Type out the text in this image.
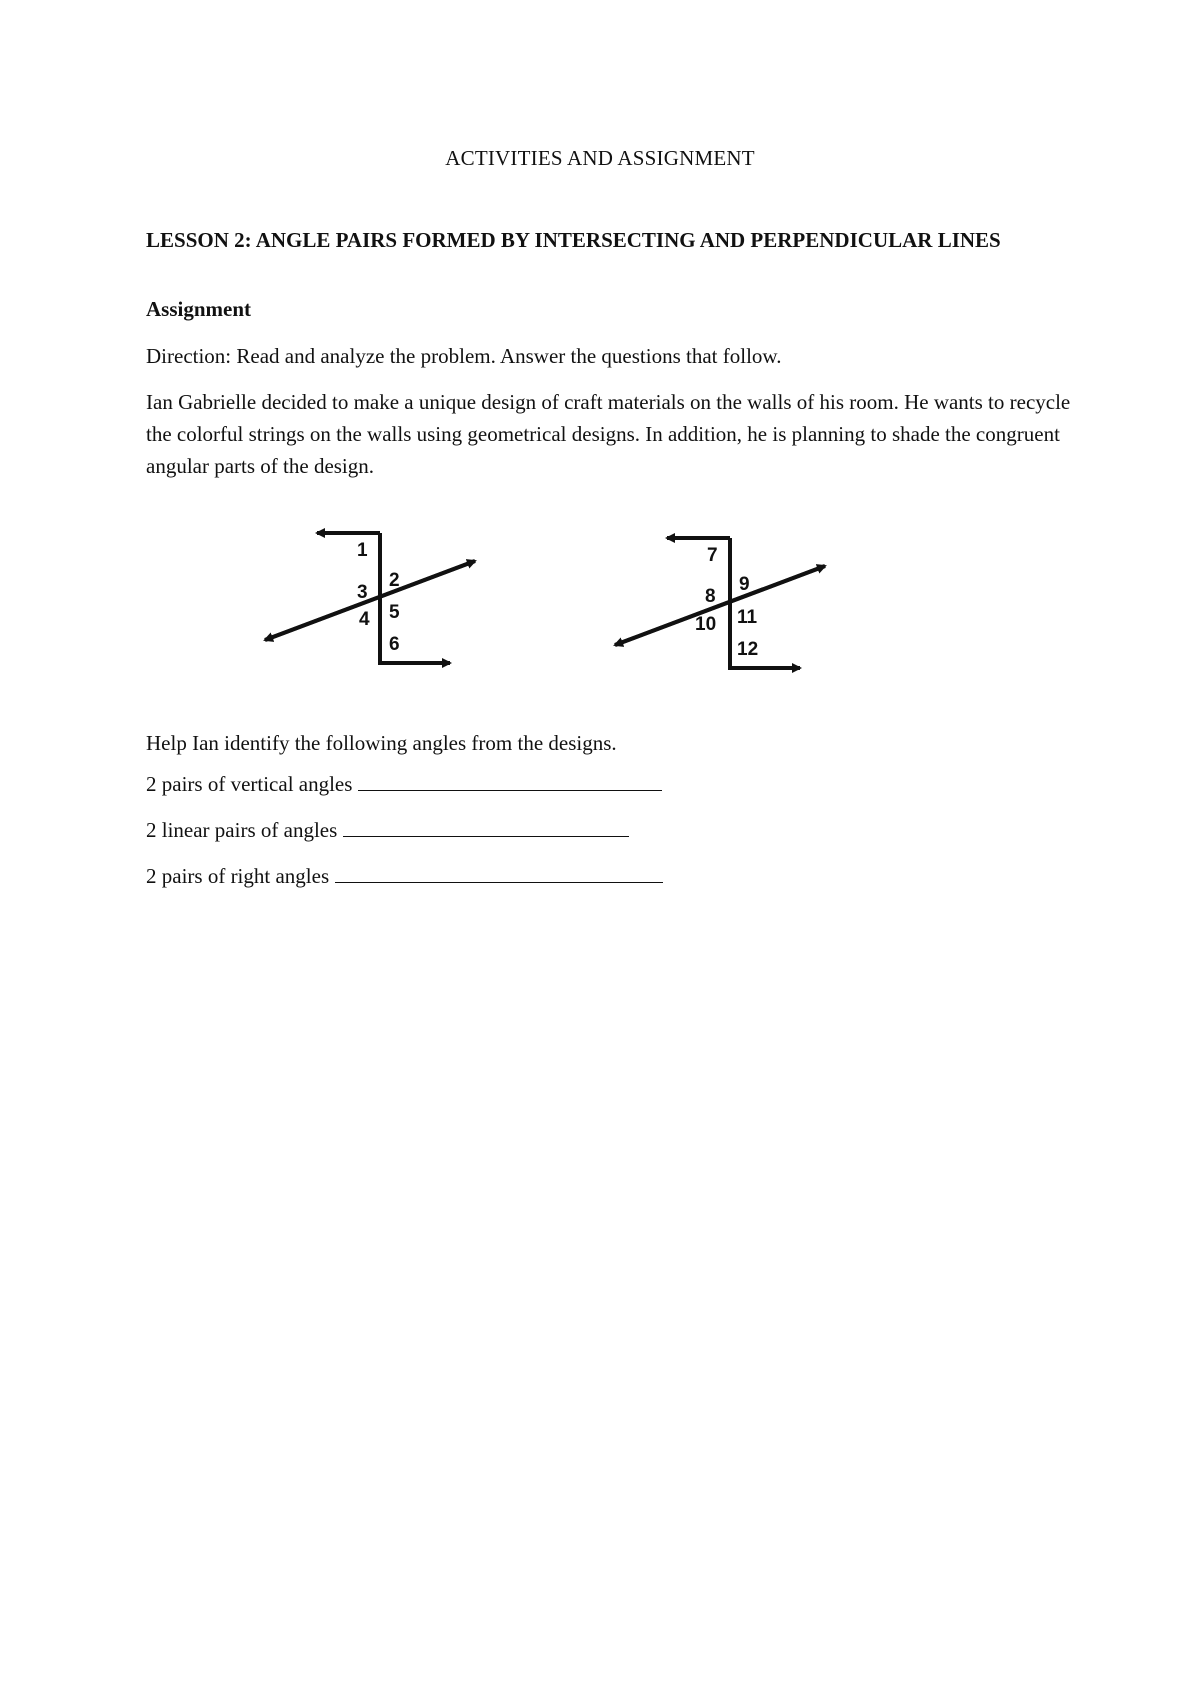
ACTIVITIES AND ASSIGNMENT
LESSON 2: ANGLE PAIRS FORMED BY INTERSECTING AND PERPENDICULAR LINES
Assignment
Direction: Read and analyze the problem. Answer the questions that follow.
Ian Gabrielle decided to make a unique design of craft materials on the walls of his room. He wants to recycle the colorful strings on the walls using geometrical designs. In addition, he is planning to shade the congruent angular parts of the design.
1
2
3
4 5
6
7
9
8
10 11
12
Help Ian identify the following angles from the designs.
2 pairs of vertical angles
2 linear pairs of angles
2 pairs of right angles
